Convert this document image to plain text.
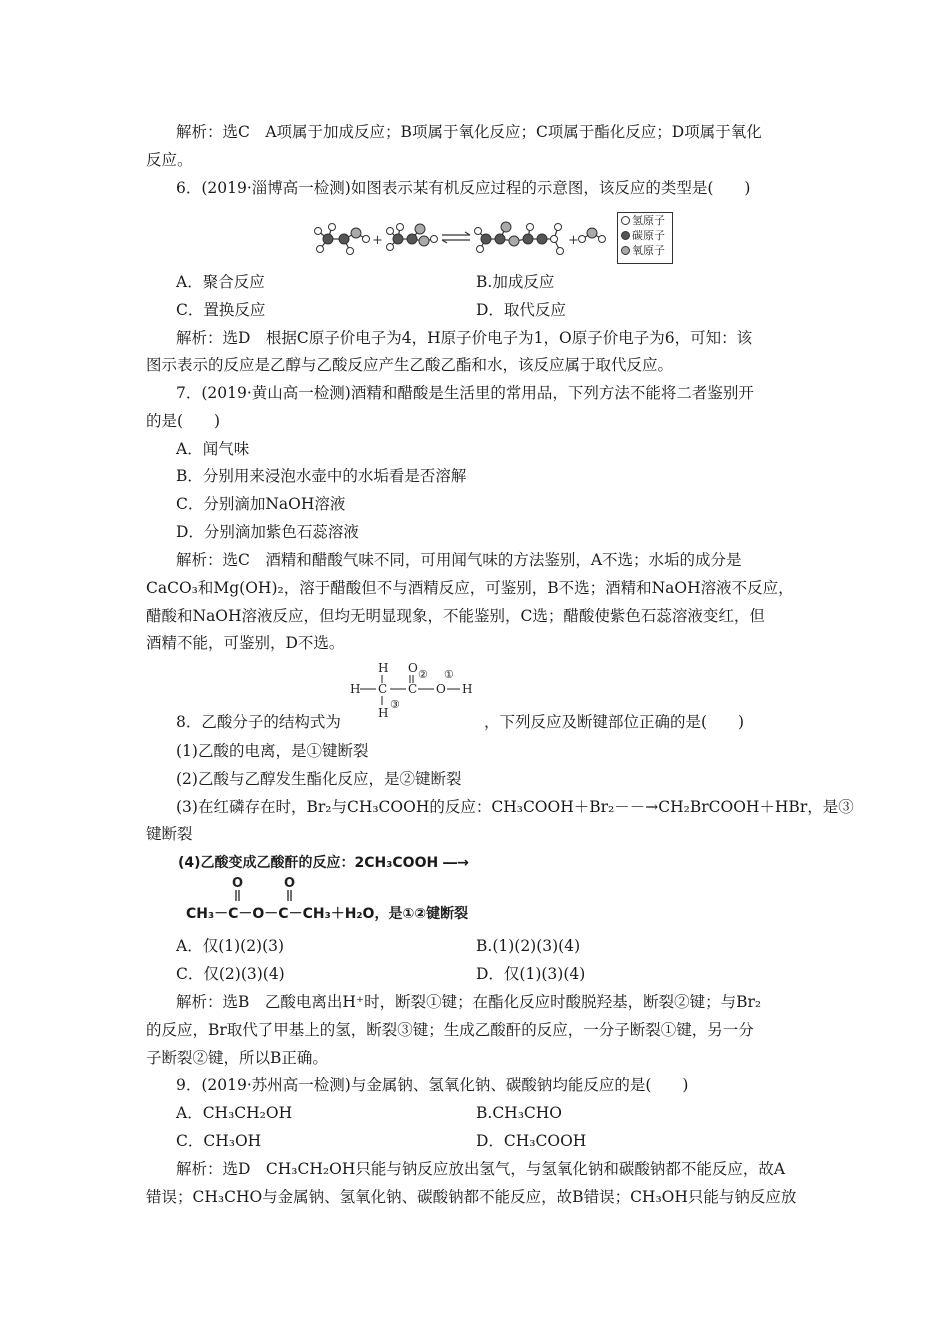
解析：选C　A项属于加成反应；B项属于氧化反应；C项属于酯化反应；D项属于氧化
反应。
6．(2019·淄博高一检测)如图表示某有机反应过程的示意图，该反应的类型是(　　)
+	+
氢原子
碳原子
氧原子
A．聚合反应	B.加成反应
C．置换反应	D．取代反应
解析：选D　根据C原子价电子为4，H原子价电子为1，O原子价电子为6，可知：该
图示表示的反应是乙醇与乙酸反应产生乙酸乙酯和水，该反应属于取代反应。
7．(2019·黄山高一检测)酒精和醋酸是生活里的常用品，下列方法不能将二者鉴别开
的是(　　)
A．闻气味
B．分别用来浸泡水壶中的水垢看是否溶解
C．分别滴加NaOH溶液
D．分别滴加紫色石蕊溶液
解析：选C　酒精和醋酸气味不同，可用闻气味的方法鉴别，A不选；水垢的成分是
CaCO₃和Mg(OH)₂，溶于醋酸但不与酒精反应，可鉴别，B不选；酒精和NaOH溶液不反应，
醋酸和NaOH溶液反应，但均无明显现象，不能鉴别，C选；醋酸使紫色石蕊溶液变红，但
酒精不能，可鉴别，D不选。
H O
H C C O H
H
② ①
③
8．乙酸分子的结构式为	，下列反应及断键部位正确的是(　　)
(1)乙酸的电离，是①键断裂
(2)乙酸与乙醇发生酯化反应，是②键断裂
(3)在红磷存在时，Br₂与CH₃COOH的反应：CH₃COOH＋Br₂－－→CH₂BrCOOH＋HBr，是③
键断裂
(4)乙酸变成乙酸酐的反应：2CH₃COOH ―→
O	O
CH₃－C－O－C－CH₃＋H₂O，是①②键断裂
A．仅(1)(2)(3)	B.(1)(2)(3)(4)
C．仅(2)(3)(4)	D．仅(1)(3)(4)
解析：选B　乙酸电离出H⁺时，断裂①键；在酯化反应时酸脱羟基，断裂②键；与Br₂
的反应，Br取代了甲基上的氢，断裂③键；生成乙酸酐的反应，一分子断裂①键，另一分
子断裂②键，所以B正确。
9．(2019·苏州高一检测)与金属钠、氢氧化钠、碳酸钠均能反应的是(　　)
A．CH₃CH₂OH	B.CH₃CHO
C．CH₃OH	D．CH₃COOH
解析：选D　CH₃CH₂OH只能与钠反应放出氢气，与氢氧化钠和碳酸钠都不能反应，故A
错误；CH₃CHO与金属钠、氢氧化钠、碳酸钠都不能反应，故B错误；CH₃OH只能与钠反应放
